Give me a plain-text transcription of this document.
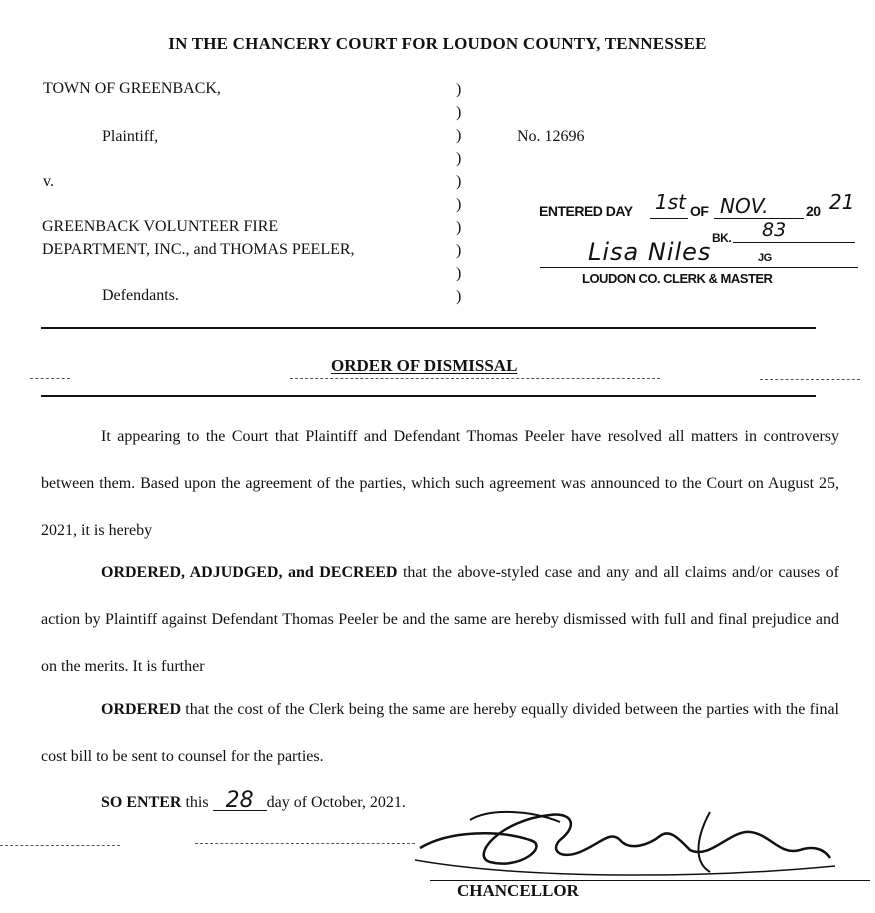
IN THE CHANCERY COURT FOR LOUDON COUNTY, TENNESSEE
TOWN OF GREENBACK,
Plaintiff,
v.
GREENBACK VOLUNTEER FIRE
DEPARTMENT, INC., and THOMAS PEELER,
Defendants.
)
)
)
)
)
)
)
)
)
)
No. 12696
ENTERED DAY 1st OF NOV.	20 21
BK. 83
Lisa Niles	JG
LOUDON CO. CLERK & MASTER
ORDER OF DISMISSAL
It appearing to the Court that Plaintiff and Defendant Thomas Peeler have resolved all matters in controversy between them. Based upon the agreement of the parties, which such agreement was announced to the Court on August 25, 2021, it is hereby
ORDERED, ADJUDGED, and DECREED that the above-styled case and any and all claims and/or causes of action by Plaintiff against Defendant Thomas Peeler be and the same are hereby dismissed with full and final prejudice and on the merits. It is further
ORDERED that the cost of the Clerk being the same are hereby equally divided between the parties with the final cost bill to be sent to counsel for the parties.
SO ENTER this 28 day of October, 2021.
CHANCELLOR
